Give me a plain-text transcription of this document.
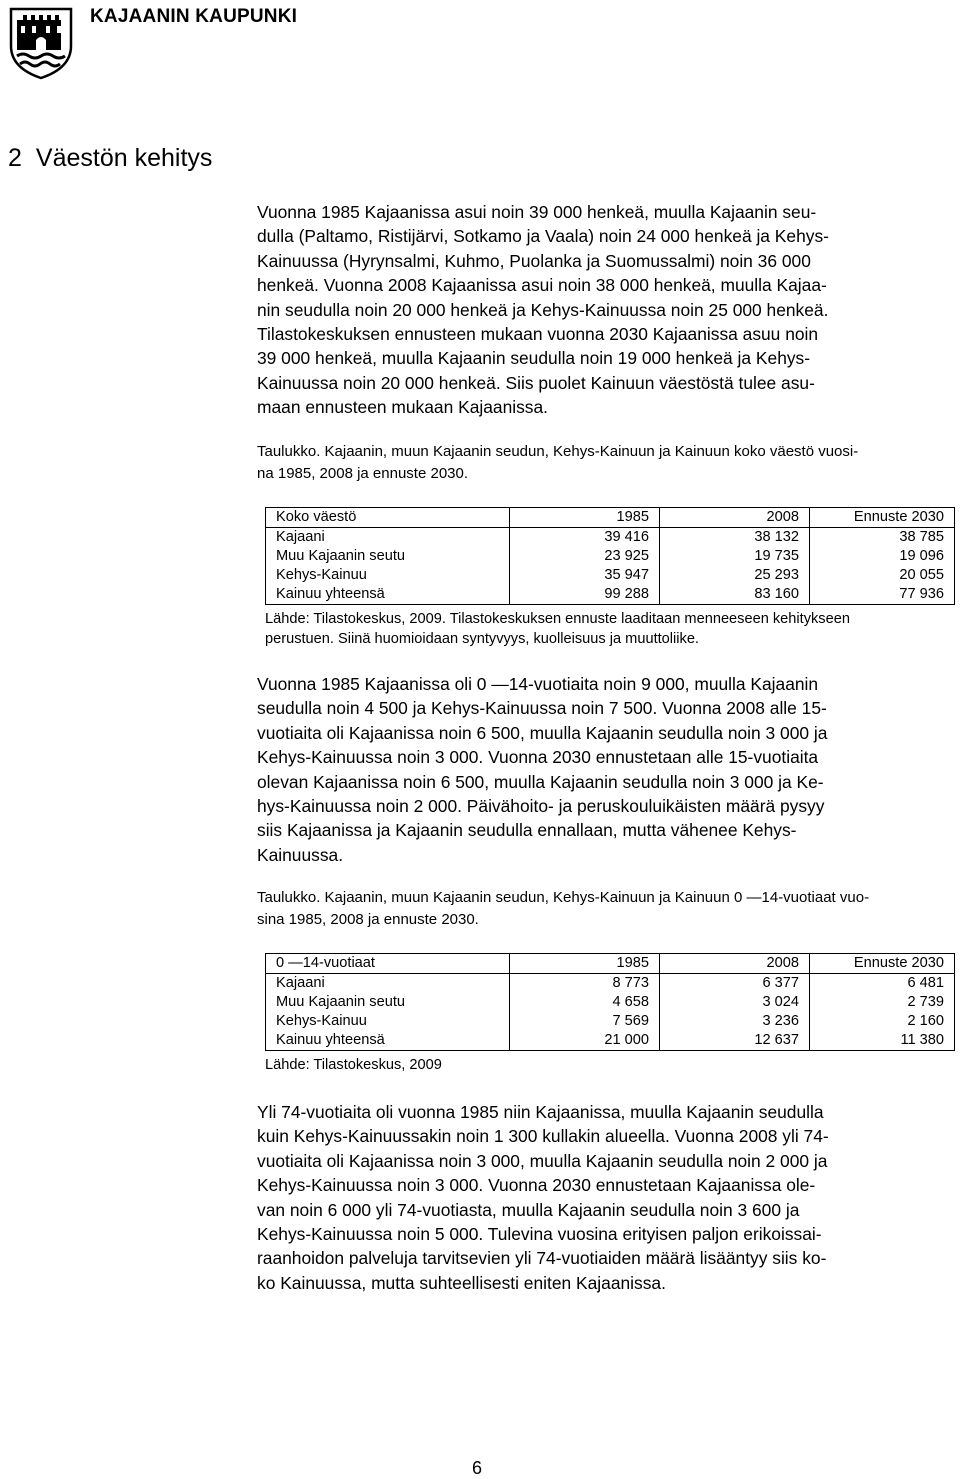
KAJAANIN KAUPUNKI
2 Väestön kehitys
Vuonna 1985 Kajaanissa asui noin 39 000 henkeä, muulla Kajaanin seu-
dulla (Paltamo, Ristijärvi, Sotkamo ja Vaala) noin 24 000 henkeä ja Kehys-
Kainuussa (Hyrynsalmi, Kuhmo, Puolanka ja Suomussalmi) noin 36 000
henkeä. Vuonna 2008 Kajaanissa asui noin 38 000 henkeä, muulla Kajaa-
nin seudulla noin 20 000 henkeä ja Kehys-Kainuussa noin 25 000 henkeä.
Tilastokeskuksen ennusteen mukaan vuonna 2030 Kajaanissa asuu noin
39 000 henkeä, muulla Kajaanin seudulla noin 19 000 henkeä ja Kehys-
Kainuussa noin 20 000 henkeä. Siis puolet Kainuun väestöstä tulee asu-
maan ennusteen mukaan Kajaanissa.
Taulukko. Kajaanin, muun Kajaanin seudun, Kehys-Kainuun ja Kainuun koko väestö vuosi-
na 1985, 2008 ja ennuste 2030.
Koko väestö	1985	2008	Ennuste 2030
Kajaani	39 416	38 132	38 785
Muu Kajaanin seutu	23 925	19 735	19 096
Kehys-Kainuu	35 947	25 293	20 055
Kainuu yhteensä	99 288	83 160	77 936
Lähde: Tilastokeskus, 2009. Tilastokeskuksen ennuste laaditaan menneeseen kehitykseen
perustuen. Siinä huomioidaan syntyvyys, kuolleisuus ja muuttoliike.
Vuonna 1985 Kajaanissa oli 0 —14-vuotiaita noin 9 000, muulla Kajaanin
seudulla noin 4 500 ja Kehys-Kainuussa noin 7 500. Vuonna 2008 alle 15-
vuotiaita oli Kajaanissa noin 6 500, muulla Kajaanin seudulla noin 3 000 ja
Kehys-Kainuussa noin 3 000. Vuonna 2030 ennustetaan alle 15-vuotiaita
olevan Kajaanissa noin 6 500, muulla Kajaanin seudulla noin 3 000 ja Ke-
hys-Kainuussa noin 2 000. Päivähoito- ja peruskouluikäisten määrä pysyy
siis Kajaanissa ja Kajaanin seudulla ennallaan, mutta vähenee Kehys-
Kainuussa.
Taulukko. Kajaanin, muun Kajaanin seudun, Kehys-Kainuun ja Kainuun 0 —14-vuotiaat vuo-
sina 1985, 2008 ja ennuste 2030.
0 —14-vuotiaat	1985	2008	Ennuste 2030
Kajaani	8 773	6 377	6 481
Muu Kajaanin seutu	4 658	3 024	2 739
Kehys-Kainuu	7 569	3 236	2 160
Kainuu yhteensä	21 000	12 637	11 380
Lähde: Tilastokeskus, 2009
Yli 74-vuotiaita oli vuonna 1985 niin Kajaanissa, muulla Kajaanin seudulla
kuin Kehys-Kainuussakin noin 1 300 kullakin alueella. Vuonna 2008 yli 74-
vuotiaita oli Kajaanissa noin 3 000, muulla Kajaanin seudulla noin 2 000 ja
Kehys-Kainuussa noin 3 000. Vuonna 2030 ennustetaan Kajaanissa ole-
van noin 6 000 yli 74-vuotiasta, muulla Kajaanin seudulla noin 3 600 ja
Kehys-Kainuussa noin 5 000. Tulevina vuosina erityisen paljon erikoissai-
raanhoidon palveluja tarvitsevien yli 74-vuotiaiden määrä lisääntyy siis ko-
ko Kainuussa, mutta suhteellisesti eniten Kajaanissa.
6
